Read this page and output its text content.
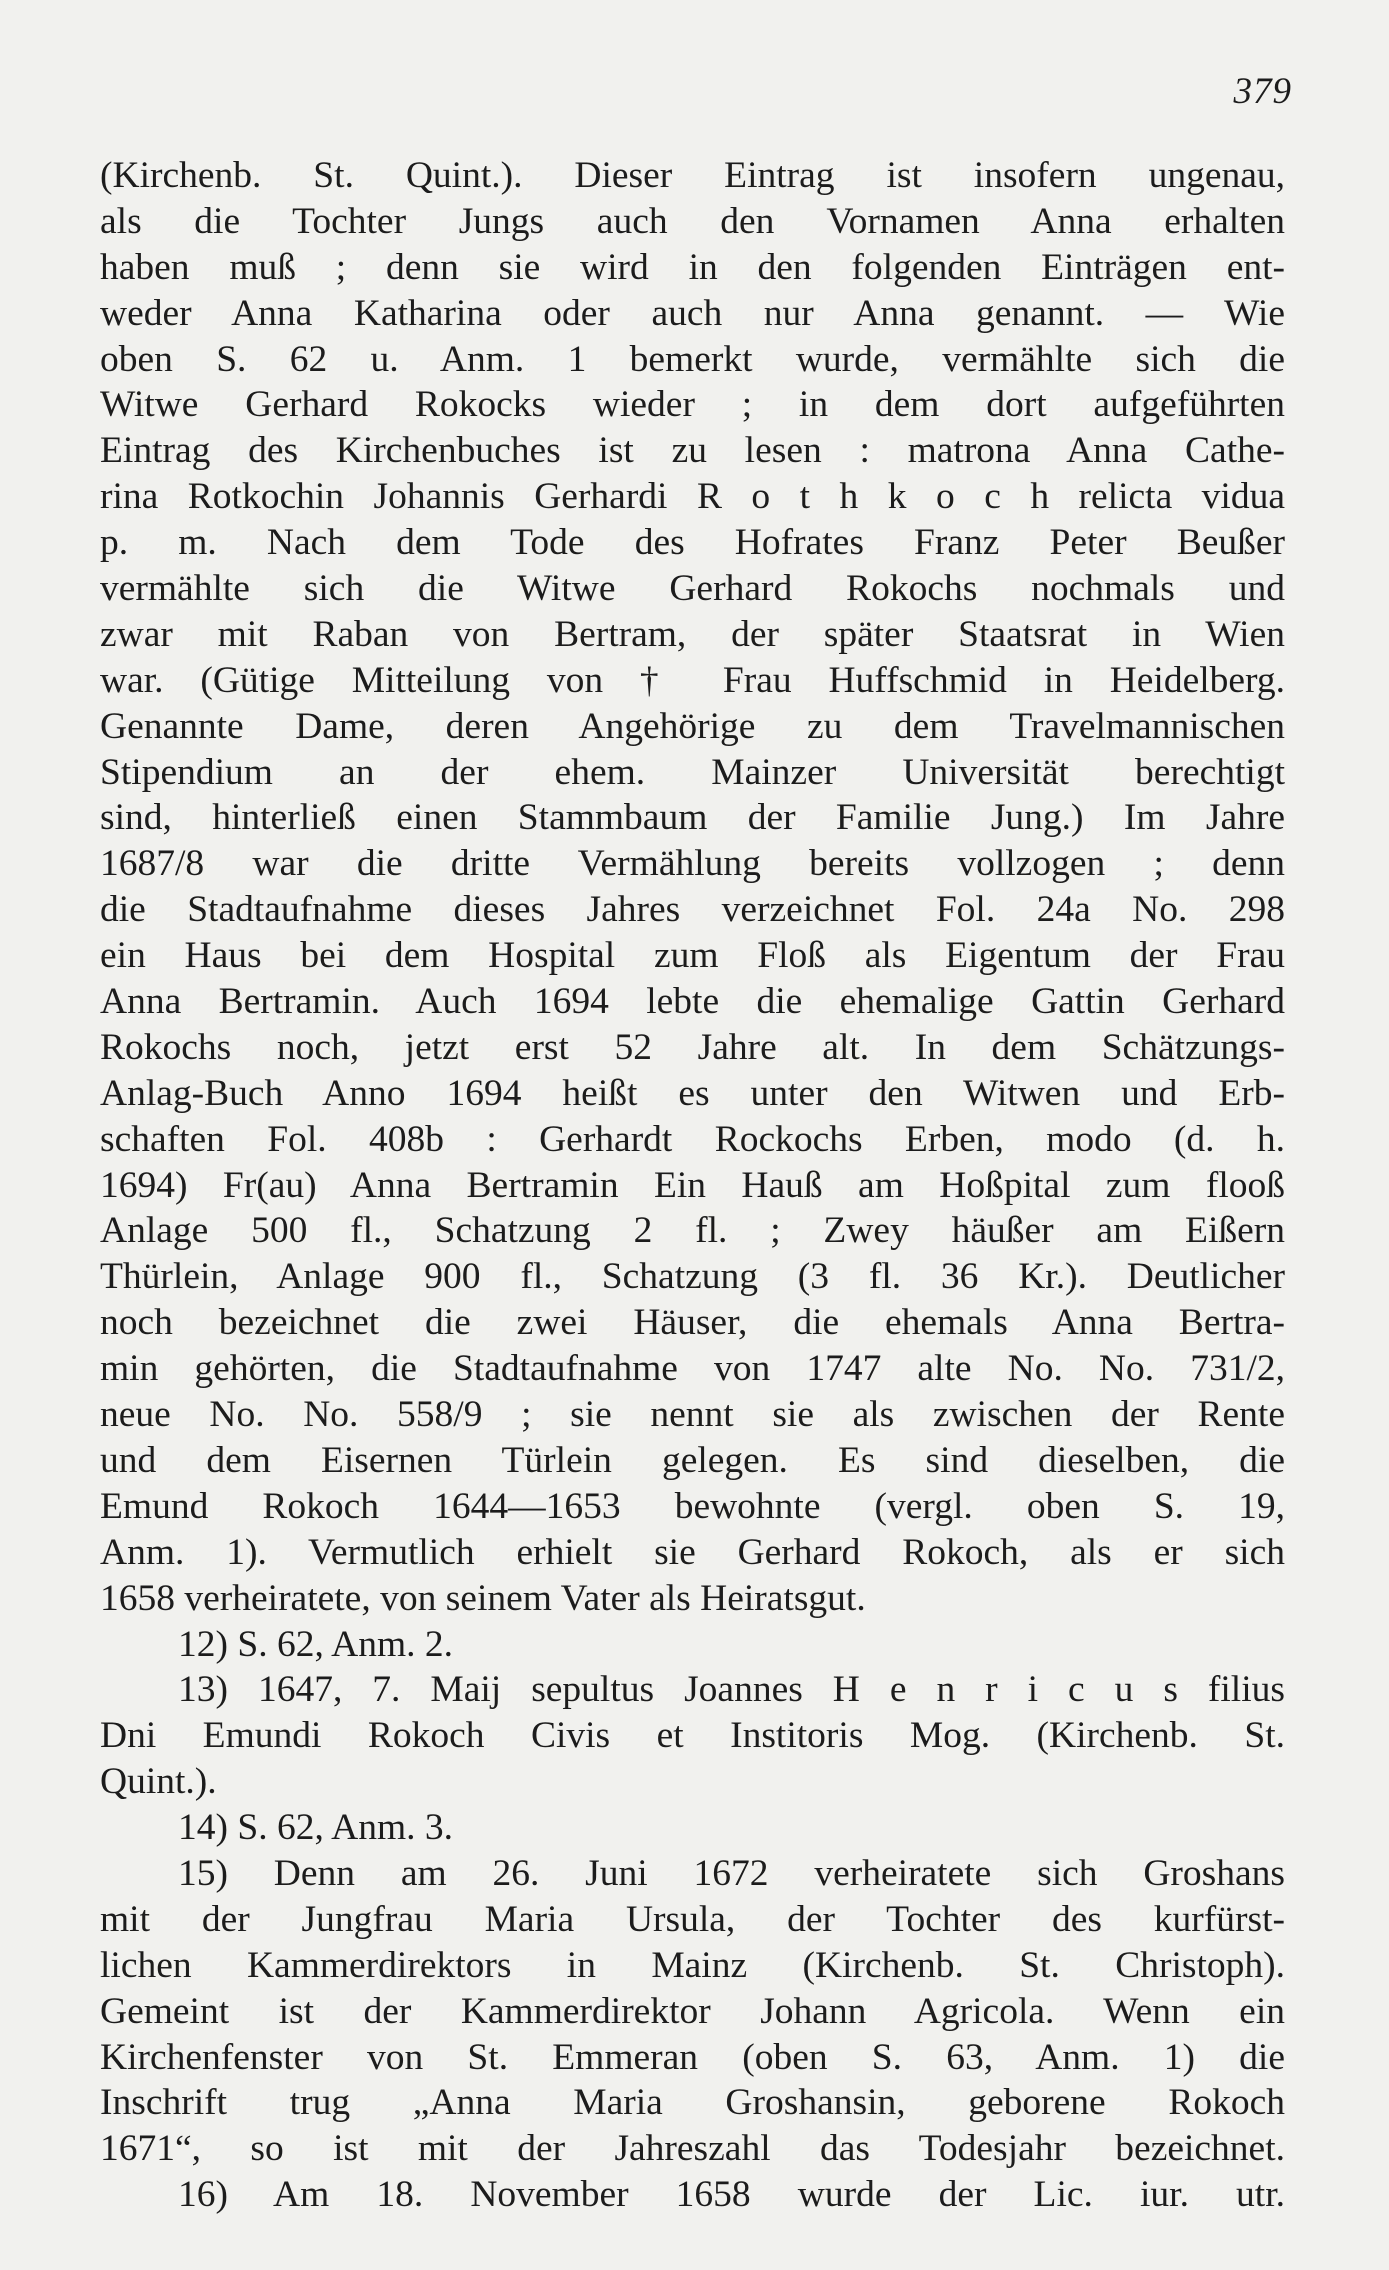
379
(Kirchenb. St. Quint.). Dieser Eintrag ist insofern ungenau,
als die Tochter Jungs auch den Vornamen Anna erhalten
haben muß ; denn sie wird in den folgenden Einträgen ent-
weder Anna Katharina oder auch nur Anna genannt. — Wie
oben S. 62 u. Anm. 1 bemerkt wurde, vermählte sich die
Witwe Gerhard Rokocks wieder ; in dem dort aufgeführten
Eintrag des Kirchenbuches ist zu lesen : matrona Anna Cathe-
rina Rotkochin Johannis Gerhardi R o t h k o c h relicta vidua
p. m. Nach dem Tode des Hofrates Franz Peter Beußer
vermählte sich die Witwe Gerhard Rokochs nochmals und
zwar mit Raban von Bertram, der später Staatsrat in Wien
war. (Gütige Mitteilung von † Frau Huffschmid in Heidelberg.
Genannte Dame, deren Angehörige zu dem Travelmannischen
Stipendium an der ehem. Mainzer Universität berechtigt
sind, hinterließ einen Stammbaum der Familie Jung.) Im Jahre
1687/8 war die dritte Vermählung bereits vollzogen ; denn
die Stadtaufnahme dieses Jahres verzeichnet Fol. 24a No. 298
ein Haus bei dem Hospital zum Floß als Eigentum der Frau
Anna Bertramin. Auch 1694 lebte die ehemalige Gattin Gerhard
Rokochs noch, jetzt erst 52 Jahre alt. In dem Schätzungs-
Anlag-Buch Anno 1694 heißt es unter den Witwen und Erb-
schaften Fol. 408b : Gerhardt Rockochs Erben, modo (d. h.
1694) Fr(au) Anna Bertramin Ein Hauß am Hoßpital zum flooß
Anlage 500 fl., Schatzung 2 fl. ; Zwey häußer am Eißern
Thürlein, Anlage 900 fl., Schatzung (3 fl. 36 Kr.). Deutlicher
noch bezeichnet die zwei Häuser, die ehemals Anna Bertra-
min gehörten, die Stadtaufnahme von 1747 alte No. No. 731/2,
neue No. No. 558/9 ; sie nennt sie als zwischen der Rente
und dem Eisernen Türlein gelegen. Es sind dieselben, die
Emund Rokoch 1644—1653 bewohnte (vergl. oben S. 19,
Anm. 1). Vermutlich erhielt sie Gerhard Rokoch, als er sich
1658 verheiratete, von seinem Vater als Heiratsgut.
12) S. 62, Anm. 2.
13) 1647, 7. Maij sepultus Joannes H e n r i c u s filius
Dni Emundi Rokoch Civis et Institoris Mog. (Kirchenb. St.
Quint.).
14) S. 62, Anm. 3.
15) Denn am 26. Juni 1672 verheiratete sich Groshans
mit der Jungfrau Maria Ursula, der Tochter des kurfürst-
lichen Kammerdirektors in Mainz (Kirchenb. St. Christoph).
Gemeint ist der Kammerdirektor Johann Agricola. Wenn ein
Kirchenfenster von St. Emmeran (oben S. 63, Anm. 1) die
Inschrift trug „Anna Maria Groshansin, geborene Rokoch
1671“, so ist mit der Jahreszahl das Todesjahr bezeichnet.
16) Am 18. November 1658 wurde der Lic. iur. utr.
